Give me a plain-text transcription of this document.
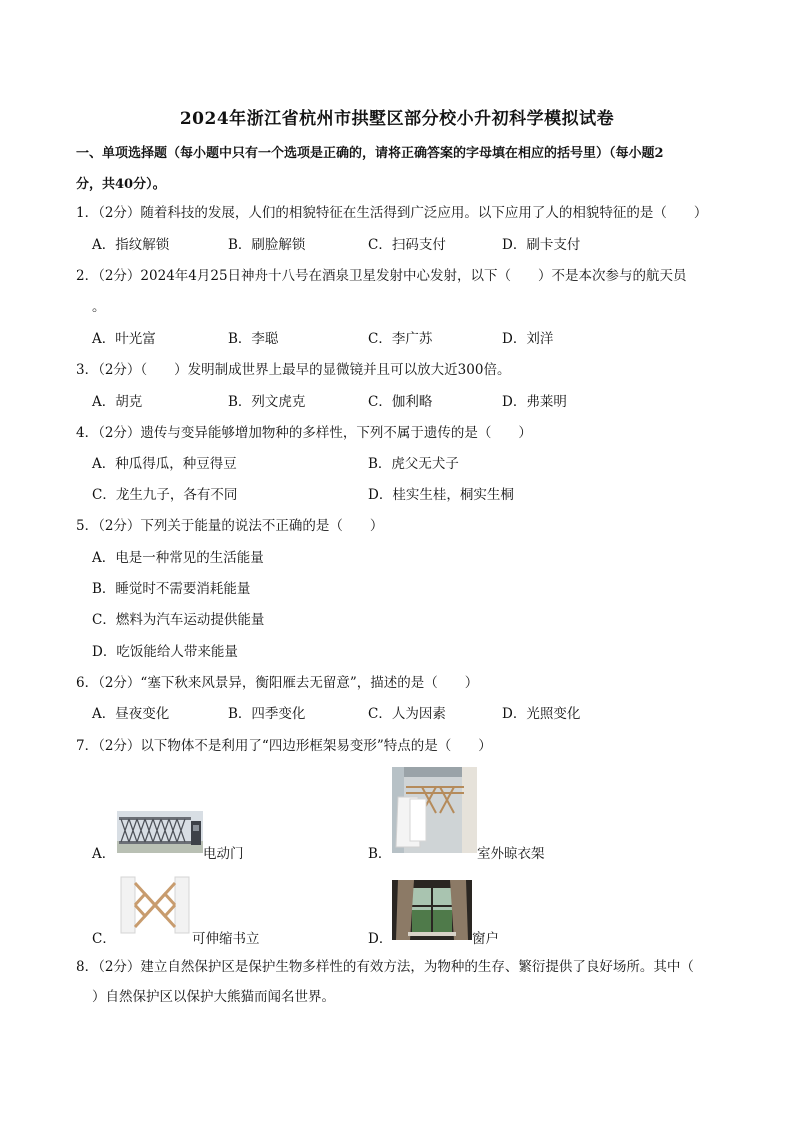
2024年浙江省杭州市拱墅区部分校小升初科学模拟试卷
一、单项选择题（每小题中只有一个选项是正确的，请将正确答案的字母填在相应的括号里）（每小题2
分，共40分）。
1．（2分）随着科技的发展，人们的相貌特征在生活得到广泛应用。以下应用了人的相貌特征的是（　　）
A．指纹解锁	B．刷脸解锁	C．扫码支付	D．刷卡支付
2．（2分）2024年4月25日神舟十八号在酒泉卫星发射中心发射，以下（　　）不是本次参与的航天员
。
A．叶光富	B．李聪	C．李广苏	D．刘洋
3．（2分）（　　）发明制成世界上最早的显微镜并且可以放大近300倍。
A．胡克	B．列文虎克	C．伽利略	D．弗莱明
4．（2分）遗传与变异能够增加物种的多样性，下列不属于遗传的是（　　）
A．种瓜得瓜，种豆得豆	B．虎父无犬子
C．龙生九子，各有不同	D．桂实生桂，桐实生桐
5．（2分）下列关于能量的说法不正确的是（　　）
A．电是一种常见的生活能量
B．睡觉时不需要消耗能量
C．燃料为汽车运动提供能量
D．吃饭能给人带来能量
6．（2分）“塞下秋来风景异，衡阳雁去无留意”，描述的是（　　）
A．昼夜变化	B．四季变化	C．人为因素	D．光照变化
7．（2分）以下物体不是利用了“四边形框架易变形”特点的是（　　）
A．	电动门	B．	室外晾衣架
C．	可伸缩书立	D．	窗户
8．（2分）建立自然保护区是保护生物多样性的有效方法，为物种的生存、繁衍提供了良好场所。其中（
）自然保护区以保护大熊猫而闻名世界。
